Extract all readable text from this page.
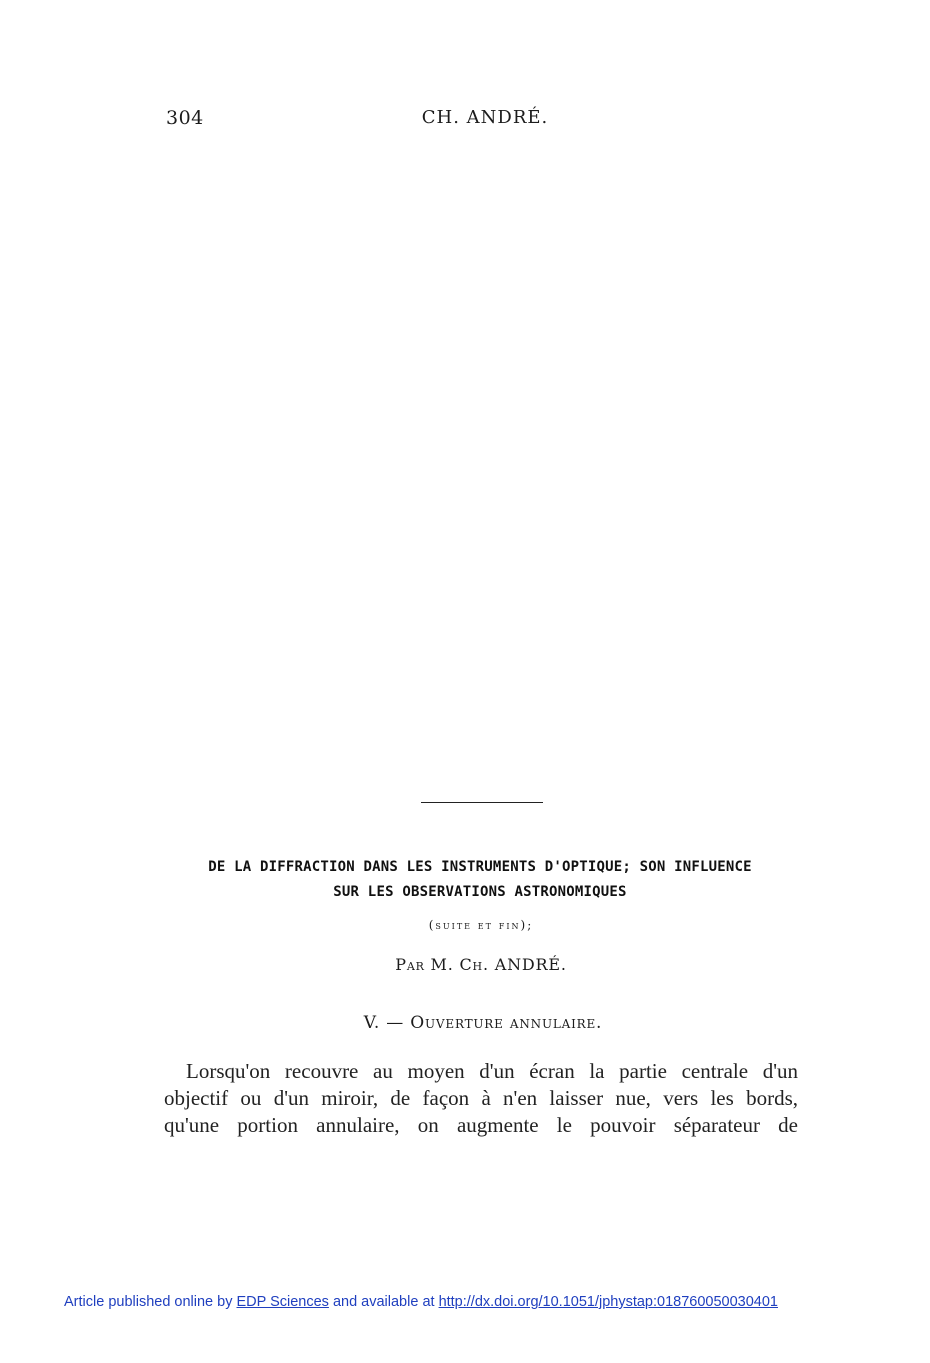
304	CH. ANDRÉ.
DE LA DIFFRACTION DANS LES INSTRUMENTS D'OPTIQUE; SON INFLUENCE
SUR LES OBSERVATIONS ASTRONOMIQUES
(suite et fin);
Par M. Ch. ANDRÉ.
V. — Ouverture annulaire.
Lorsqu'on recouvre au moyen d'un écran la partie centrale d'un
objectif ou d'un miroir, de façon à n'en laisser nue, vers les bords,
qu'une portion annulaire, on augmente le pouvoir séparateur de
Article published online by EDP Sciences and available at http://dx.doi.org/10.1051/jphystap:018760050030401
